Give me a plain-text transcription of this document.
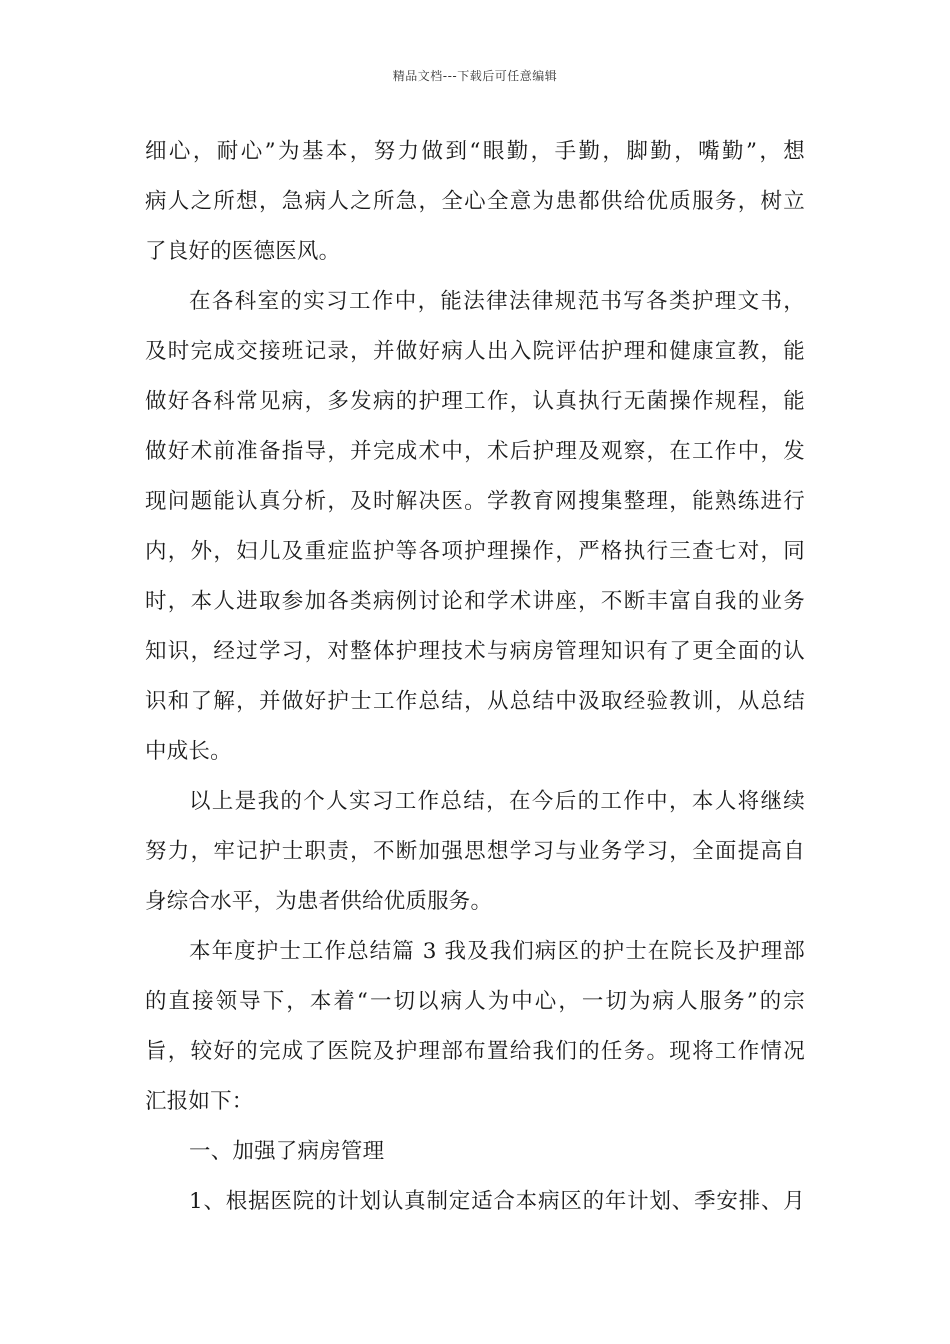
精品文档---下载后可任意编辑
细心，耐心”为基本，努力做到“眼勤，手勤，脚勤，嘴勤”，想
病人之所想，急病人之所急，全心全意为患都供给优质服务，树立
了良好的医德医风。
在各科室的实习工作中，能法律法律规范书写各类护理文书，
及时完成交接班记录，并做好病人出入院评估护理和健康宣教，能
做好各科常见病，多发病的护理工作，认真执行无菌操作规程，能
做好术前准备指导，并完成术中，术后护理及观察，在工作中，发
现问题能认真分析，及时解决医。学教育网搜集整理，能熟练进行
内，外，妇儿及重症监护等各项护理操作，严格执行三查七对，同
时，本人进取参加各类病例讨论和学术讲座，不断丰富自我的业务
知识，经过学习，对整体护理技术与病房管理知识有了更全面的认
识和了解，并做好护士工作总结，从总结中汲取经验教训，从总结
中成长。
以上是我的个人实习工作总结，在今后的工作中，本人将继续
努力，牢记护士职责，不断加强思想学习与业务学习，全面提高自
身综合水平，为患者供给优质服务。
本年度护士工作总结篇 3 我及我们病区的护士在院长及护理部
的直接领导下，本着“一切以病人为中心，一切为病人服务”的宗
旨，较好的完成了医院及护理部布置给我们的任务。现将工作情况
汇报如下：
一、加强了病房管理
1、根据医院的计划认真制定适合本病区的年计划、季安排、月
